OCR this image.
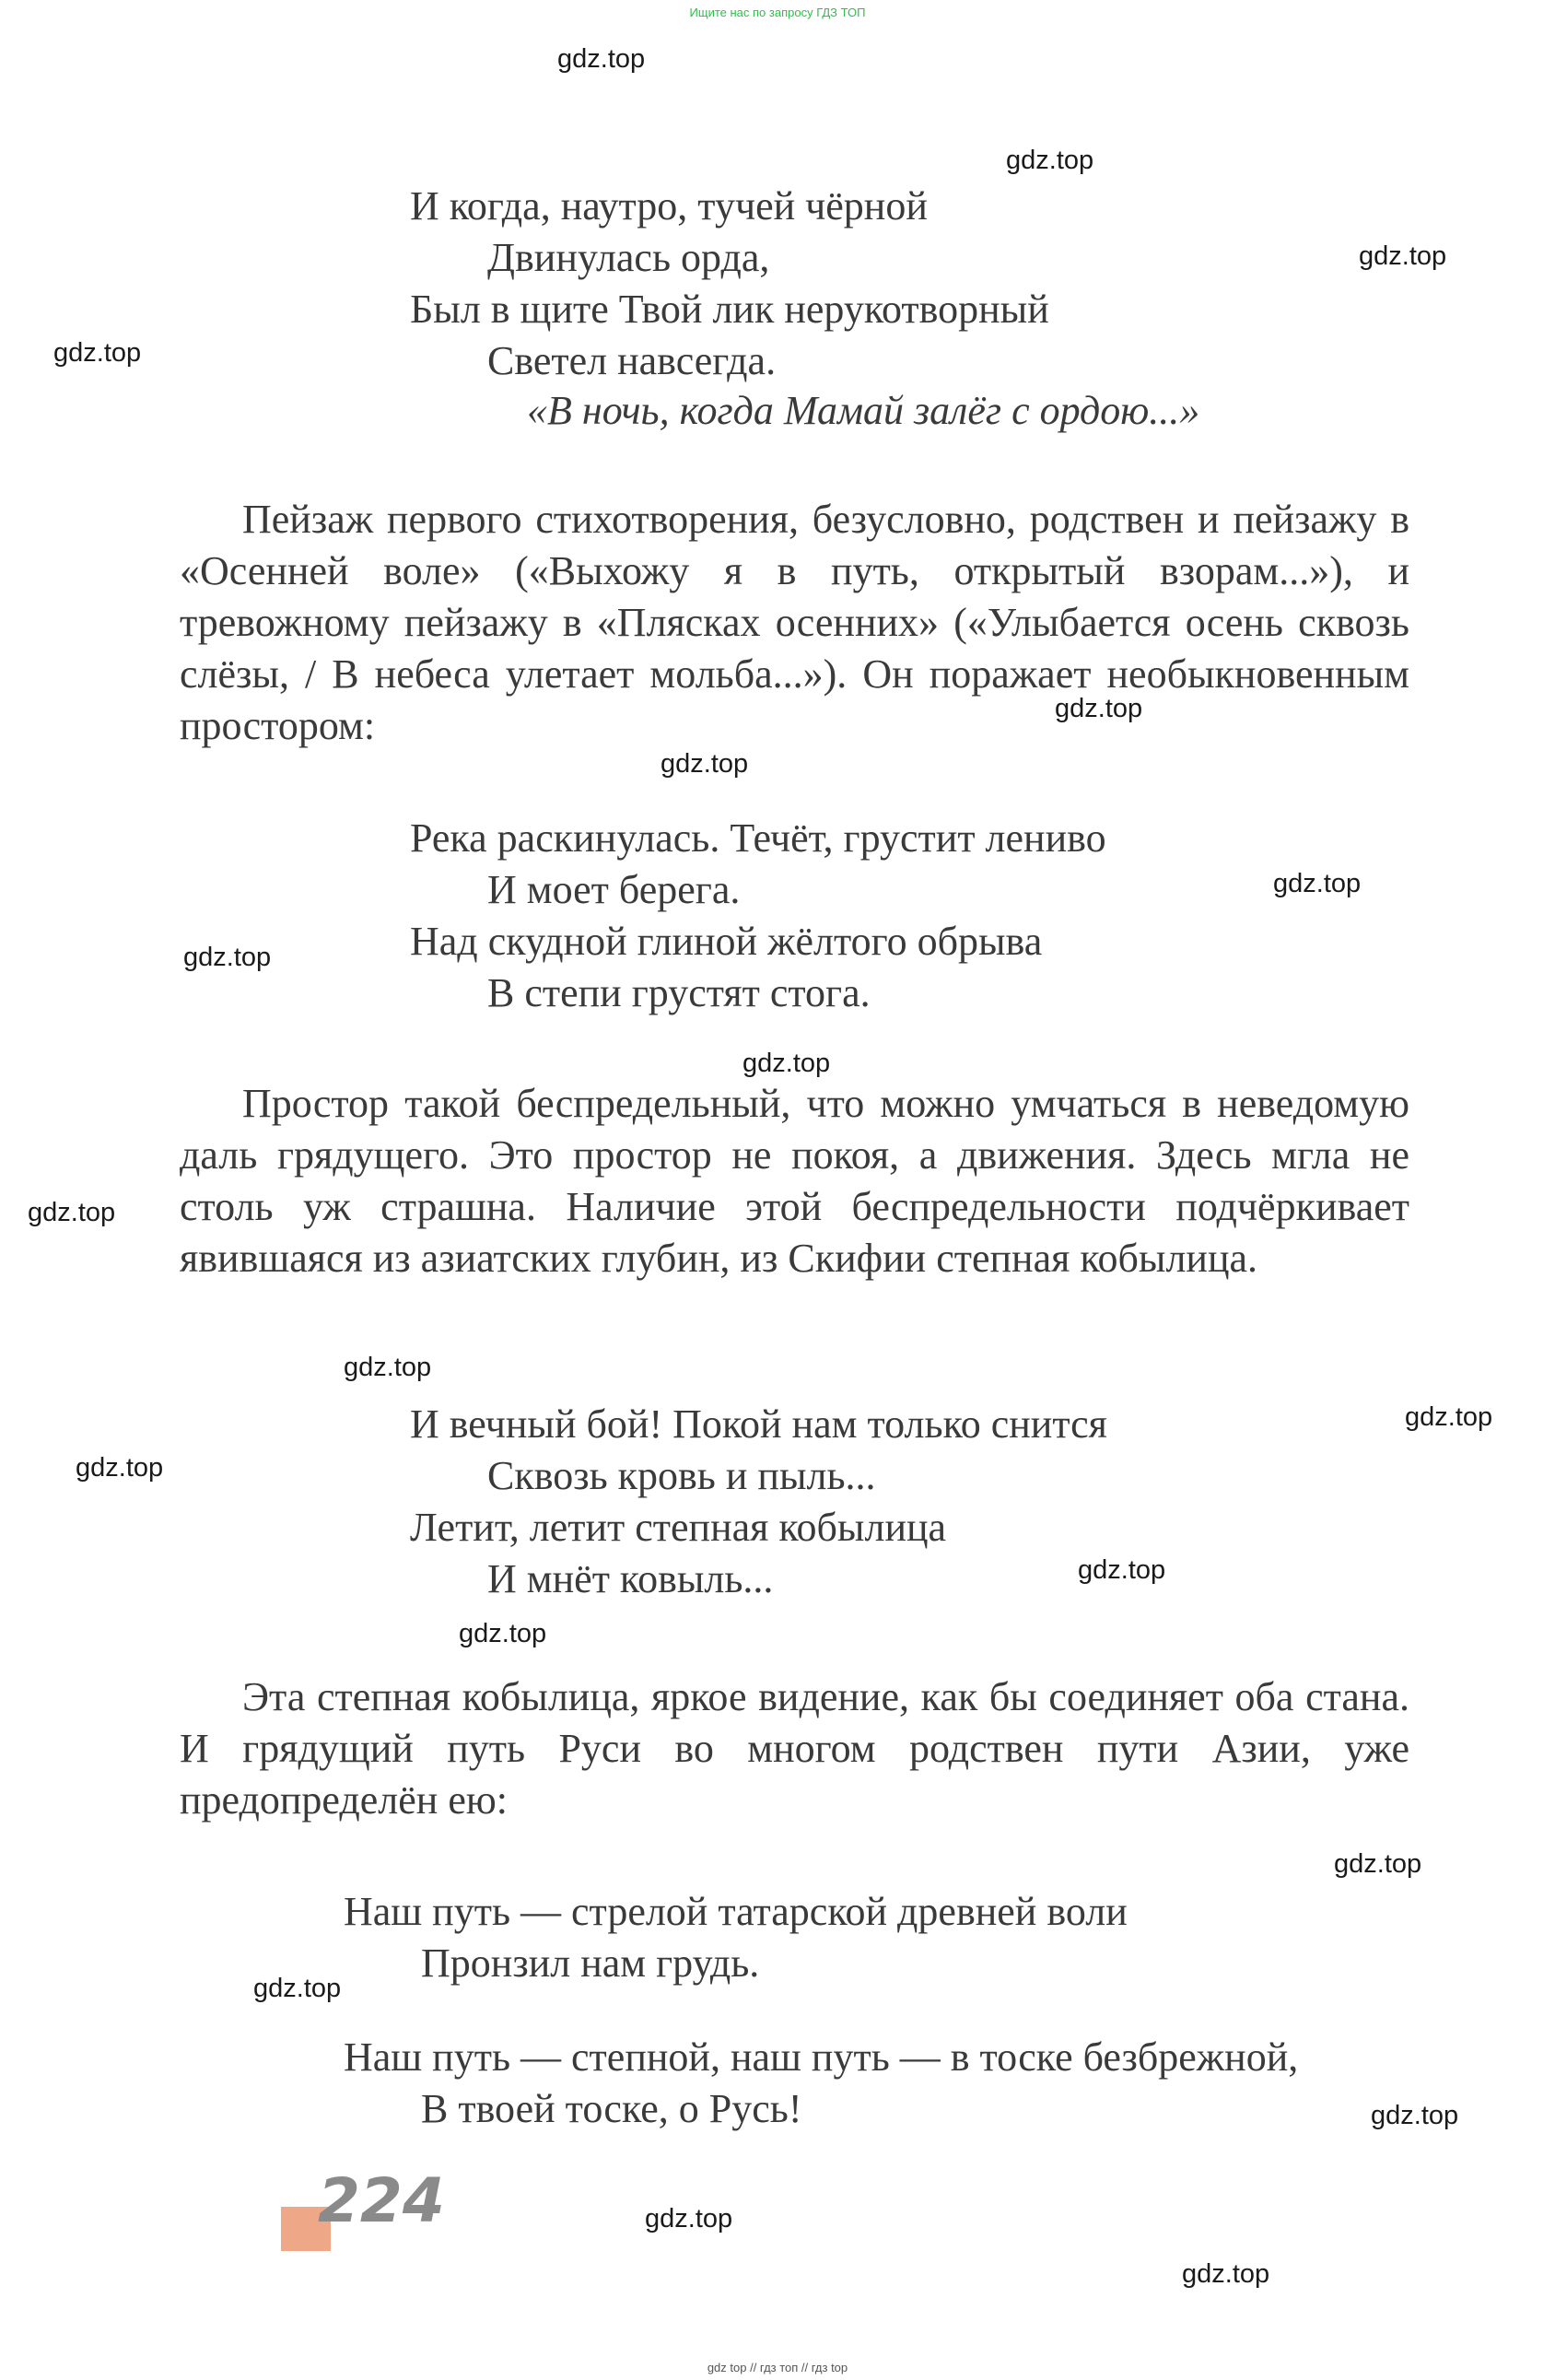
Ищите нас по запросу ГДЗ ТОП
И когда, наутро, тучей чёрной
Двинулась орда,
Был в щите Твой лик нерукотворный
Светел навсегда.
«В ночь, когда Мамай залёг с ордою...»

Пейзаж первого стихотворения, безусловно, родствен и пейзажу в «Осенней воле» («Выхожу я в путь, открытый взорам...»), и тревожному пейзажу в «Плясках осенних» («Улыбается осень сквозь слёзы, / В небеса улетает мольба...»). Он поражает необыкновенным простором:

Река раскинулась. Течёт, грустит лениво
И моет берега.
Над скудной глиной жёлтого обрыва
В степи грустят стога.

Простор такой беспредельный, что можно умчаться в неведомую даль грядущего. Это простор не покоя, а движения. Здесь мгла не столь уж страшна. Наличие этой беспредельности подчёркивает явившаяся из азиатских глубин, из Скифии степная кобылица.

И вечный бой! Покой нам только снится
Сквозь кровь и пыль...
Летит, летит степная кобылица
И мнёт ковыль...

Эта степная кобылица, яркое видение, как бы соединяет оба стана. И грядущий путь Руси во многом родствен пути Азии, уже предопределён ею:

Наш путь — стрелой татарской древней воли
Пронзил нам грудь.
Наш путь — степной, наш путь — в тоске безбрежной,
В твоей тоске, о Русь!
224
gdz.top
gdz.top
gdz.top
gdz.top
gdz.top
gdz.top
gdz.top
gdz.top
gdz.top
gdz.top
gdz.top
gdz.top
gdz.top
gdz.top
gdz.top
gdz.top
gdz.top
gdz.top
gdz.top
gdz.top
gdz top // гдз топ // гдз top
